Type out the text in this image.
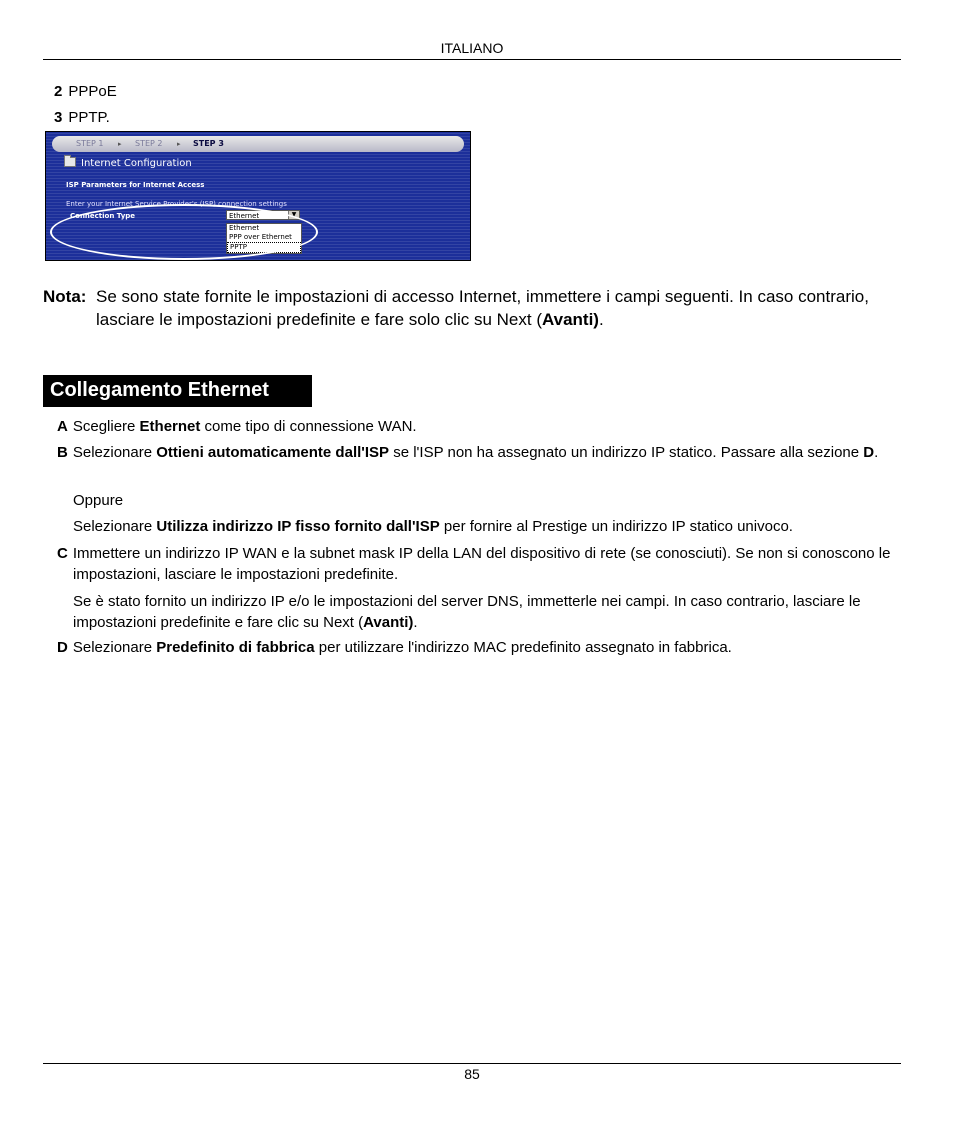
ITALIANO
2 PPPoE
3 PPTP.
STEP 1 ▸ STEP 2 ▸ STEP 3
Internet Configuration
ISP Parameters for Internet Access
Enter your Internet Service Provider's (ISP) connection settings
Connection Type	Ethernet	▼
Ethernet
PPP over Ethernet
PPTP
Nota: Se sono state fornite le impostazioni di accesso Internet, immettere i campi seguenti. In caso contrario, lasciare le impostazioni predefinite e fare solo clic su Next (Avanti).
Collegamento Ethernet
A Scegliere Ethernet come tipo di connessione WAN.
B Selezionare Ottieni automaticamente dall'ISP se l'ISP non ha assegnato un indirizzo IP statico. Passare alla sezione D.
Oppure
Selezionare Utilizza indirizzo IP fisso fornito dall'ISP per fornire al Prestige un indirizzo IP statico univoco.
C Immettere un indirizzo IP WAN e la subnet mask IP della LAN del dispositivo di rete (se conosciuti). Se non si conoscono le impostazioni, lasciare le impostazioni predefinite.
Se è stato fornito un indirizzo IP e/o le impostazioni del server DNS, immetterle nei campi. In caso contrario, lasciare le impostazioni predefinite e fare clic su Next (Avanti).
D Selezionare Predefinito di fabbrica per utilizzare l'indirizzo MAC predefinito assegnato in fabbrica.
85
